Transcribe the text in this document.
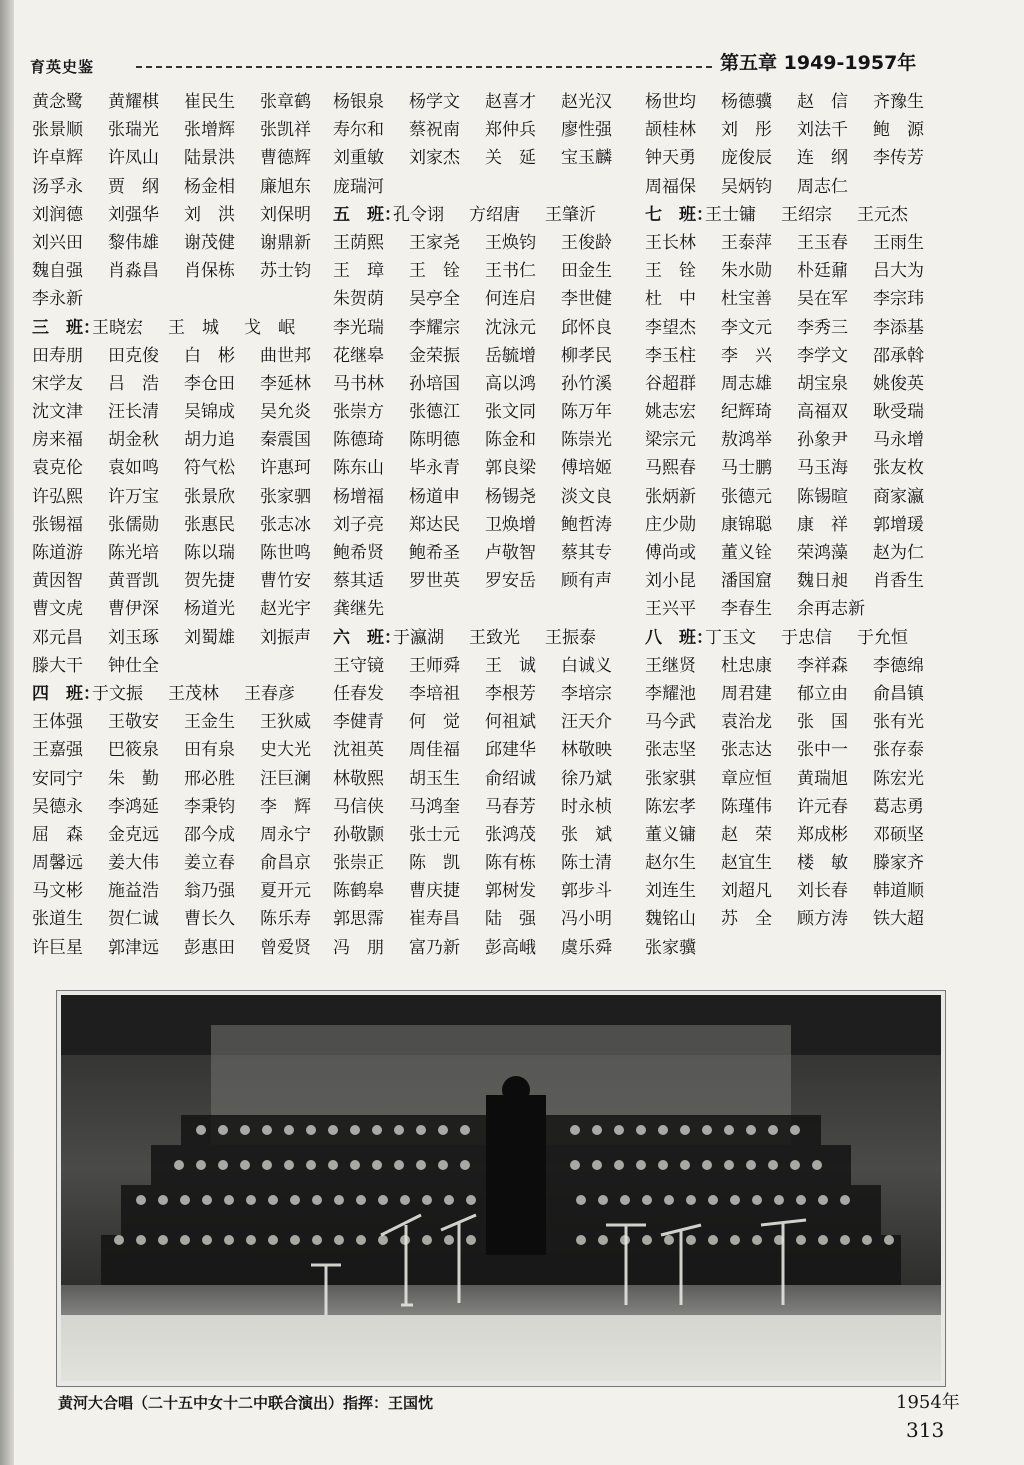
育英史鉴	第五章 1949-1957年
黄念鹭 黄耀棋 崔民生 张章鹤
张景顺 张瑞光 张增辉 张凯祥
许卓辉 许凤山 陆景洪 曹德辉
汤孚永 贾　纲 杨金相 廉旭东
刘润德 刘强华 刘　洪 刘保明
刘兴田 黎伟雄 谢茂健 谢鼎新
魏自强 肖淼昌 肖保栋 苏士钧
李永新
三　班：王晓宏 王　城 戈　岷
田寿朋 田克俊 白　彬 曲世邦
宋学友 吕　浩 李仓田 李延林
沈文津 汪长清 吴锦成 吴允炎
房来福 胡金秋 胡力追 秦震国
袁克伦 袁如鸣 符气松 许惠珂
许弘熙 许万宝 张景欣 张家驷
张锡福 张儒勋 张惠民 张志冰
陈道游 陈光培 陈以瑞 陈世鸣
黄因智 黄晋凯 贺先捷 曹竹安
曹文虎 曹伊深 杨道光 赵光宇
邓元昌 刘玉琢 刘蜀雄 刘振声
滕大干 钟仕全
四　班：于文振 王茂林 王春彦
王体强 王敬安 王金生 王狄威
王嘉强 巴筱泉 田有泉 史大光
安同宁 朱　勤 邢必胜 汪巨澜
吴德永 李鸿延 李秉钧 李　辉
屈　森 金克远 邵今成 周永宁
周馨远 姜大伟 姜立春 俞昌京
马文彬 施益浩 翁乃强 夏开元
张道生 贺仁诚 曹长久 陈乐寿
许巨星 郭津远 彭惠田 曾爱贤
杨银泉 杨学文 赵喜才 赵光汉
寿尔和 蔡祝南 郑仲兵 廖性强
刘重敏 刘家杰 关　延 宝玉麟
庞瑞河
五　班：孔令诩 方绍唐 王肇沂
王荫熙 王家尧 王焕钧 王俊龄
王　璋 王　铨 王书仁 田金生
朱贺荫 吴亭全 何连启 李世健
李光瑞 李耀宗 沈泳元 邱怀良
花继皋 金荣振 岳毓增 柳孝民
马书林 孙培国 高以鸿 孙竹溪
张崇方 张德江 张文同 陈万年
陈德琦 陈明德 陈金和 陈崇光
陈东山 毕永青 郭良梁 傅培姬
杨增福 杨道申 杨锡尧 淡文良
刘子亮 郑达民 卫焕增 鲍哲涛
鲍希贤 鲍希圣 卢敬智 蔡其专
蔡其适 罗世英 罗安岳 顾有声
龚继先
六　班：于瀛湖 王致光 王振泰
王守镜 王师舜 王　诚 白诚义
任春发 李培祖 李根芳 李培宗
李健青 何　觉 何祖斌 汪天介
沈祖英 周佳福 邱建华 林敬映
林敬熙 胡玉生 俞绍诚 徐乃斌
马信侠 马鸿奎 马春芳 时永桢
孙敬颢 张士元 张鸿茂 张　斌
张崇正 陈　凯 陈有栋 陈士清
陈鹤皋 曹庆捷 郭树发 郭步斗
郭思霈 崔寿昌 陆　强 冯小明
冯　朋 富乃新 彭高峨 虞乐舜
杨世均 杨德骥 赵　信 齐豫生
颉桂林 刘　彤 刘法千 鲍　源
钟天勇 庞俊辰 连　纲 李传芳
周福保 吴炳钧 周志仁
七　班：王士镛 王绍宗 王元杰
王长林 王泰萍 王玉春 王雨生
王　铨 朱水勋 朴廷鼐 吕大为
杜　中 杜宝善 吴在军 李宗玮
李望杰 李文元 李秀三 李添基
李玉柱 李　兴 李学文 邵承斡
谷超群 周志雄 胡宝泉 姚俊英
姚志宏 纪辉琦 高福双 耿受瑞
梁宗元 敖鸿举 孙象尹 马永增
马熙春 马士鹏 马玉海 张友枚
张炳新 张德元 陈锡暄 商家瀛
庄少勋 康锦聪 康　祥 郭增瑗
傅尚或 董义铨 荣鸿藻 赵为仁
刘小昆 潘国窟 魏日昶 肖香生
王兴平 李春生 余再志新
八　班：丁玉文 于忠信 于允恒
王继贤 杜忠康 李祥森 李德绵
李耀池 周君建 郁立由 俞昌镇
马今武 袁治龙 张　国 张有光
张志坚 张志达 张中一 张存泰
张家骐 章应恒 黄瑞旭 陈宏光
陈宏孝 陈瑾伟 许元春 葛志勇
董义镛 赵　荣 郑成彬 邓硕坚
赵尔生 赵宜生 楼　敏 滕家齐
刘连生 刘超凡 刘长春 韩道顺
魏铭山 苏　全 顾方涛 铁大超
张家骥
黄河大合唱（二十五中女十二中联合演出）指挥：王国忱	1954年
313
